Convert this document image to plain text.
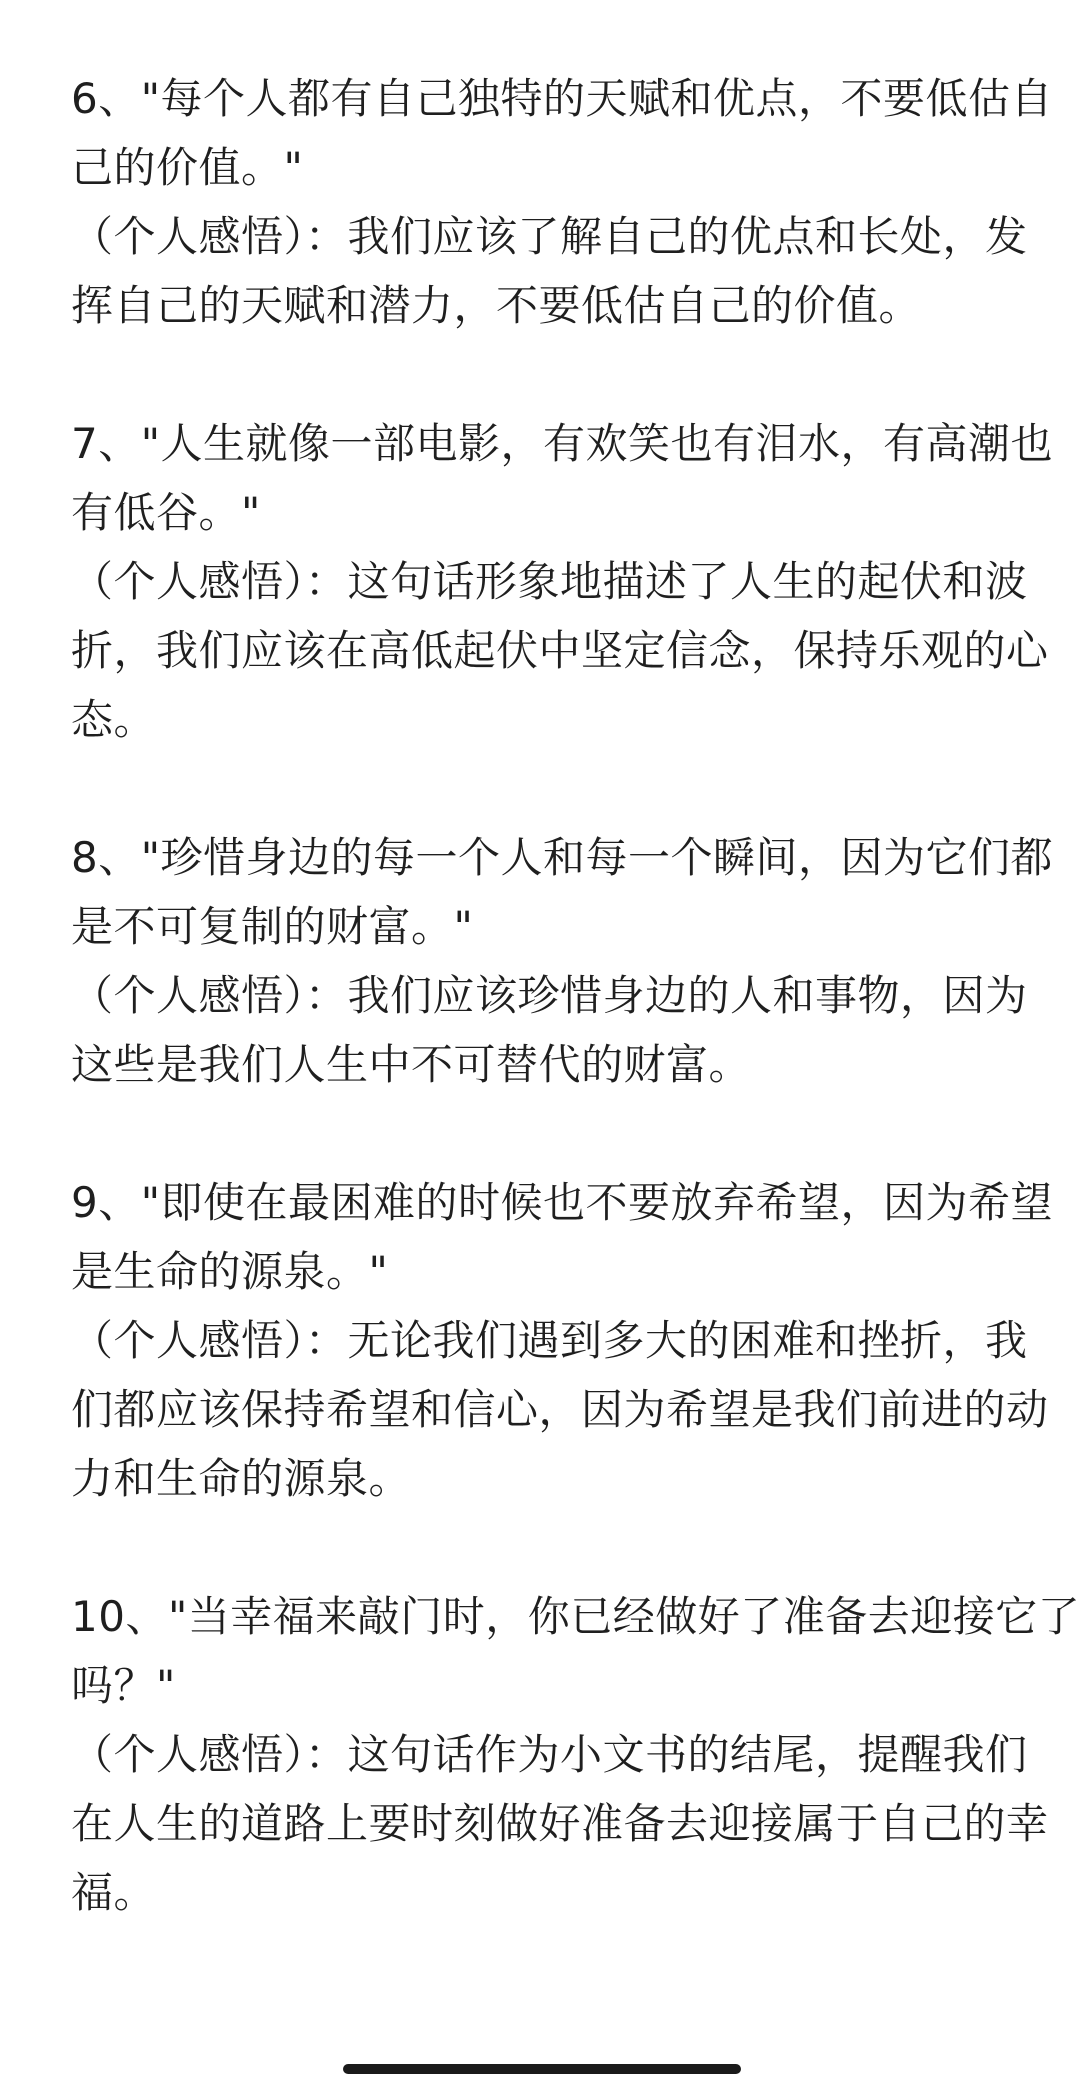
6、"每个人都有自己独特的天赋和优点，不要低估自
己的价值。"
（个人感悟）：我们应该了解自己的优点和长处，发
挥自己的天赋和潜力，不要低估自己的价值。
7、"人生就像一部电影，有欢笑也有泪水，有高潮也
有低谷。"
（个人感悟）：这句话形象地描述了人生的起伏和波
折，我们应该在高低起伏中坚定信念，保持乐观的心
态。
8、"珍惜身边的每一个人和每一个瞬间，因为它们都
是不可复制的财富。"
（个人感悟）：我们应该珍惜身边的人和事物，因为
这些是我们人生中不可替代的财富。
9、"即使在最困难的时候也不要放弃希望，因为希望
是生命的源泉。"
（个人感悟）：无论我们遇到多大的困难和挫折，我
们都应该保持希望和信心，因为希望是我们前进的动
力和生命的源泉。
10、"当幸福来敲门时，你已经做好了准备去迎接它了
吗？"
（个人感悟）：这句话作为小文书的结尾，提醒我们
在人生的道路上要时刻做好准备去迎接属于自己的幸
福。
